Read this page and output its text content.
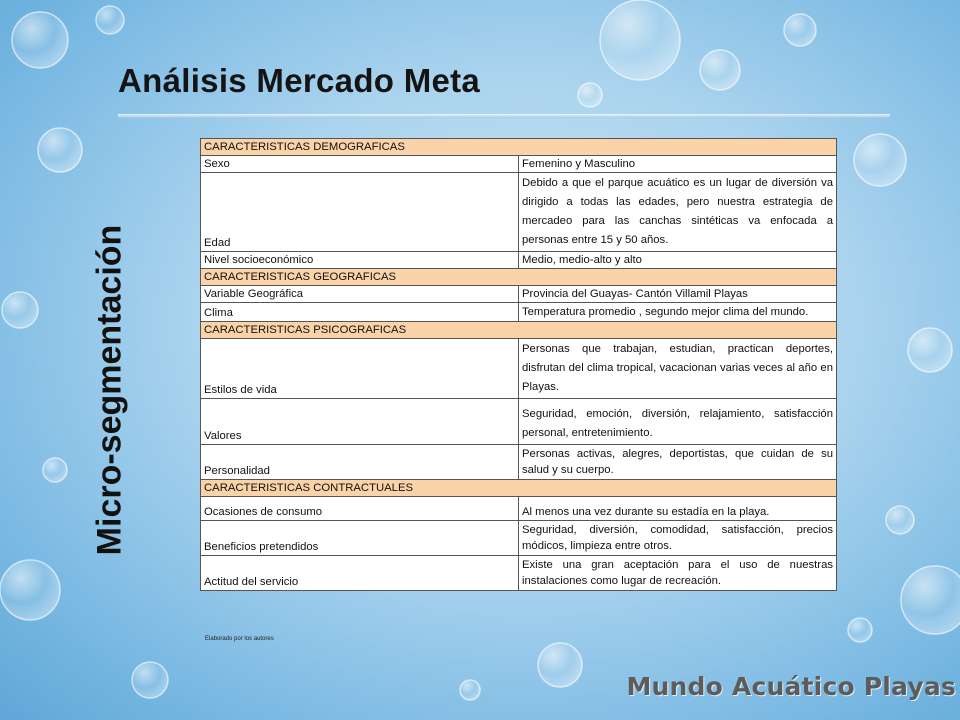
Análisis Mercado Meta
Micro-segmentación
CARACTERISTICAS DEMOGRAFICAS	
Sexo	Femenino y Masculino
Edad	Debido a que el parque acuático es un lugar de diversión va dirigido a todas las edades, pero nuestra estrategia de mercadeo para las canchas sintéticas va enfocada a personas entre 15 y 50 años.
Nivel socioeconómico	Medio, medio-alto y alto
CARACTERISTICAS GEOGRAFICAS	
Variable Geográfica	Provincia del Guayas- Cantón Villamil Playas
Clima	Temperatura promedio , segundo mejor clima del mundo.
CARACTERISTICAS PSICOGRAFICAS	
Estilos de vida	Personas que trabajan, estudian, practican deportes, disfrutan del clima tropical, vacacionan varias veces al año en Playas.
Valores	Seguridad, emoción, diversión, relajamiento, satisfacción personal, entretenimiento.
Personalidad	Personas activas, alegres, deportistas, que cuidan de su salud y su cuerpo.
CARACTERISTICAS CONTRACTUALES	
Ocasiones de consumo	Al menos una vez durante su estadía en la playa.
Beneficios pretendidos	Seguridad, diversión, comodidad, satisfacción, precios módicos, limpieza entre otros.
Actitud del servicio	Existe una gran aceptación para el uso de nuestras instalaciones como lugar de recreación.
Elaborado por los autores
Mundo Acuático Playas
